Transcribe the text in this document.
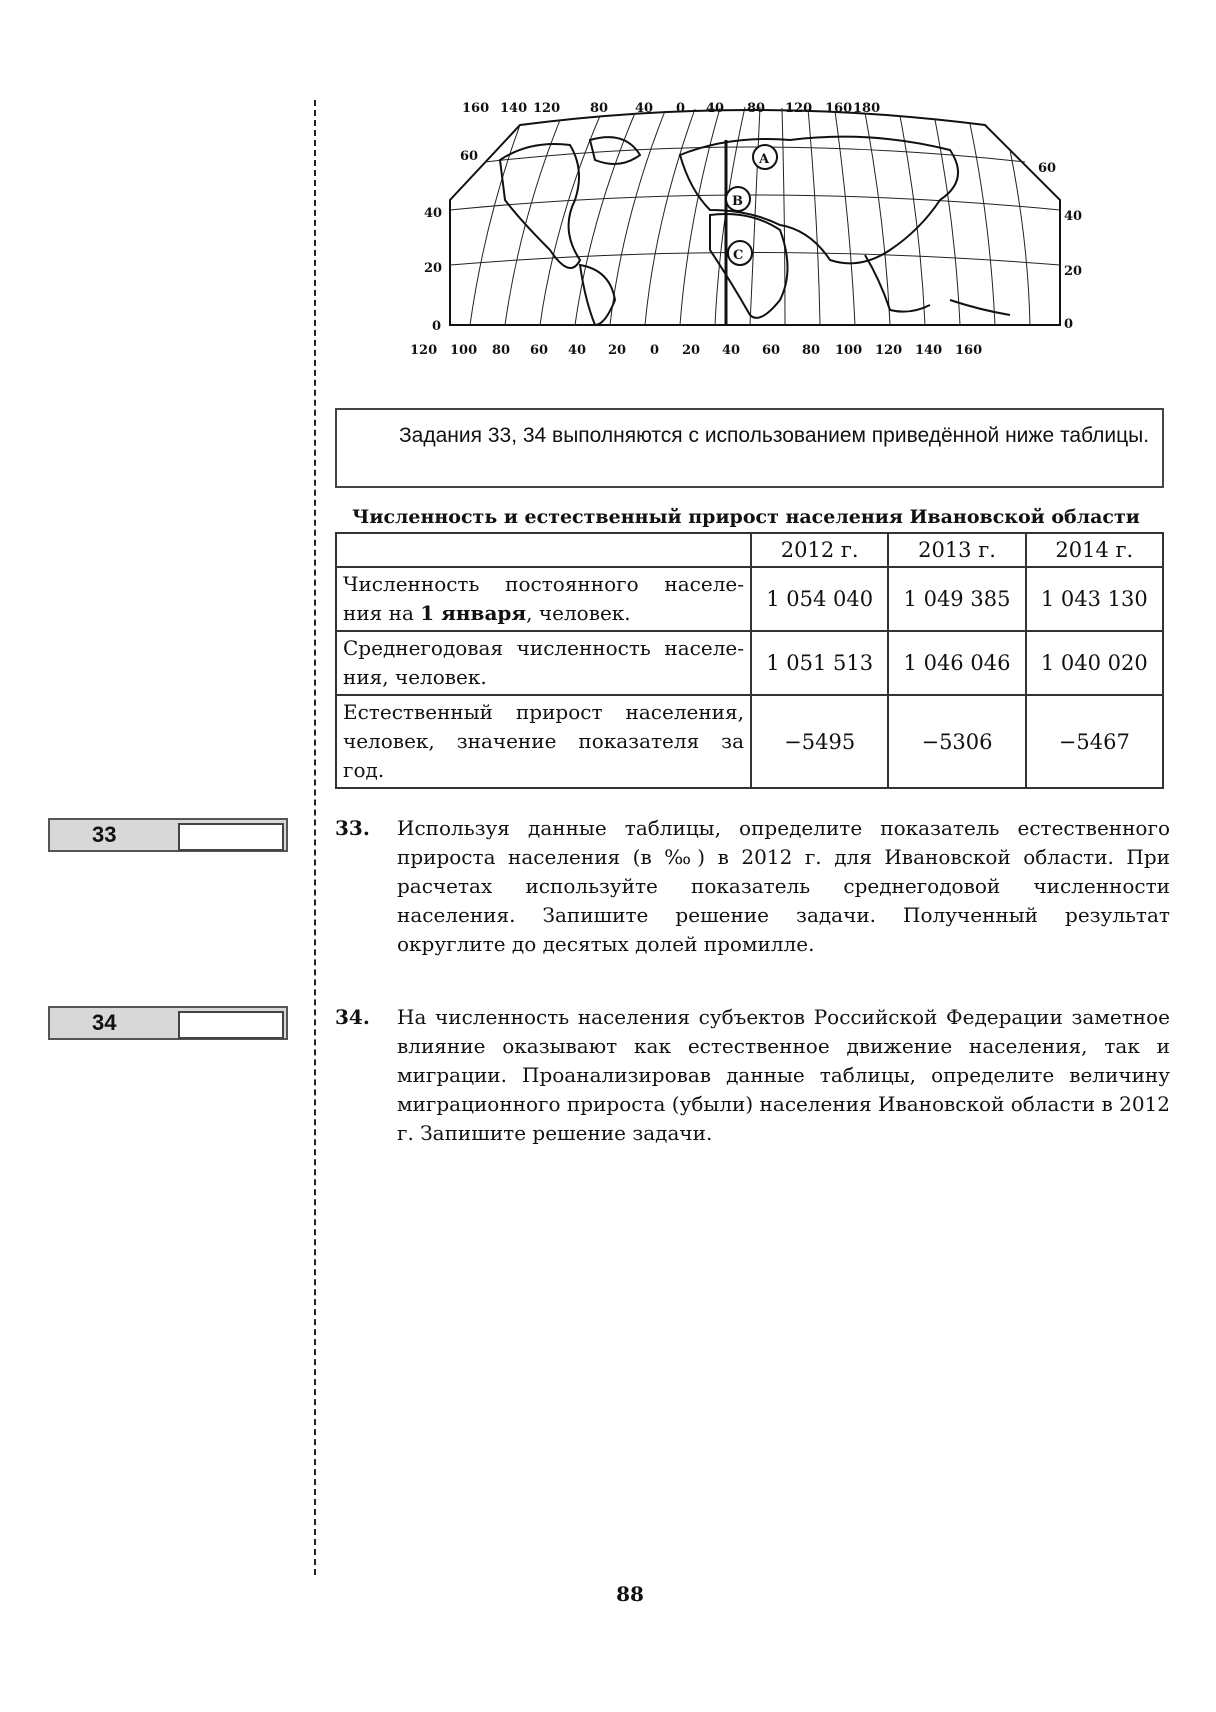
160 140 120 80 40 0 40 80 120 160 180
120 100 80 60 40 20 0 20 40 60 80 100 120 140 160
60
40
20
0
60
40
20
0
A
B
C
Задания 33, 34 выполняются с использованием приведённой ниже таблицы.
Численность и естественный прирост населения Ивановской области
	2012 г.	2013 г.	2014 г.
Численность постоянного населе-ния на 1 января, человек.	1 054 040	1 049 385	1 043 130
Среднегодовая численность населе-ния, человек.	1 051 513	1 046 046	1 040 020
Естественный прирост населения, человек, значение показателя за год.	−5495	−5306	−5467
33	33. Используя данные таблицы, определите показатель естественного прироста населения (в ‰) в 2012 г. для Ивановской области. При расчетах используйте показатель среднегодовой численности населения. Запишите решение задачи. Полученный результат округлите до десятых долей промилле.
34	34. На численность населения субъектов Российской Федерации заметное влияние оказывают как естественное движение населения, так и миграции. Проанализировав данные таблицы, определите величину миграционного прироста (убыли) населения Ивановской области в 2012 г. Запишите решение задачи.
88
